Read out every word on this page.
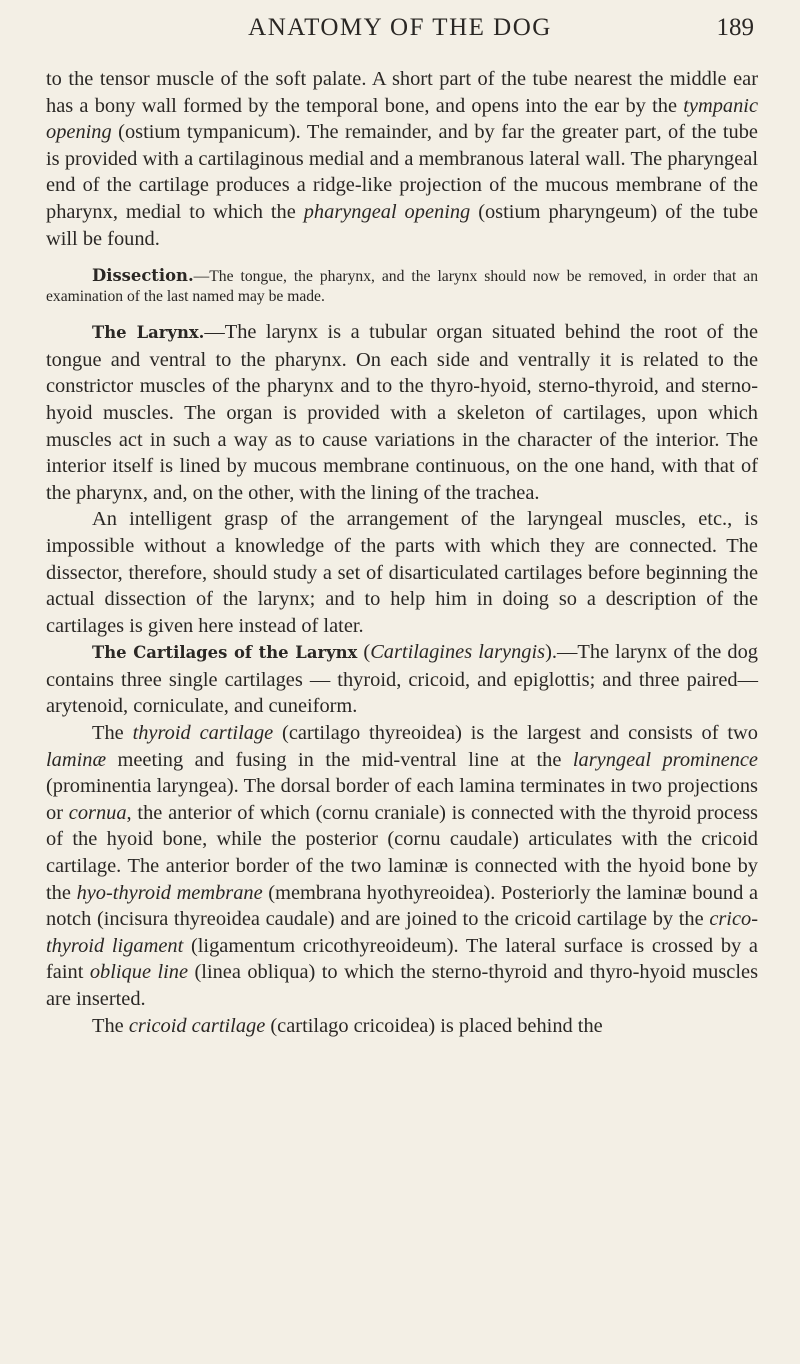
ANATOMY OF THE DOG	189

to the tensor muscle of the soft palate. A short part of the tube nearest the middle ear has a bony wall formed by the temporal bone, and opens into the ear by the tympanic opening (ostium tympanicum). The remainder, and by far the greater part, of the tube is provided with a cartilaginous medial and a membranous lateral wall. The pharyngeal end of the cartilage produces a ridge-like projection of the mucous membrane of the pharynx, medial to which the pharyngeal opening (ostium pharyngeum) of the tube will be found.

Dissection.—The tongue, the pharynx, and the larynx should now be removed, in order that an examination of the last named may be made.

The Larynx.—The larynx is a tubular organ situated behind the root of the tongue and ventral to the pharynx. On each side and ventrally it is related to the constrictor muscles of the pharynx and to the thyro-hyoid, sterno-thyroid, and sterno-hyoid muscles. The organ is provided with a skeleton of cartilages, upon which muscles act in such a way as to cause variations in the character of the interior. The interior itself is lined by mucous membrane continuous, on the one hand, with that of the pharynx, and, on the other, with the lining of the trachea.

An intelligent grasp of the arrangement of the laryngeal muscles, etc., is impossible without a knowledge of the parts with which they are connected. The dissector, therefore, should study a set of disarticulated cartilages before beginning the actual dissection of the larynx; and to help him in doing so a description of the cartilages is given here instead of later.

The Cartilages of the Larynx (Cartilagines laryngis).—The larynx of the dog contains three single cartilages — thyroid, cricoid, and epiglottis; and three paired—arytenoid, corniculate, and cuneiform.

The thyroid cartilage (cartilago thyreoidea) is the largest and consists of two laminæ meeting and fusing in the mid-ventral line at the laryngeal prominence (prominentia laryngea). The dorsal border of each lamina terminates in two projections or cornua, the anterior of which (cornu craniale) is connected with the thyroid process of the hyoid bone, while the posterior (cornu caudale) articulates with the cricoid cartilage. The anterior border of the two laminæ is connected with the hyoid bone by the hyo-thyroid membrane (membrana hyothyreoidea). Posteriorly the laminæ bound a notch (incisura thyreoidea caudale) and are joined to the cricoid cartilage by the crico-thyroid ligament (ligamentum cricothyreoideum). The lateral surface is crossed by a faint oblique line (linea obliqua) to which the sterno-thyroid and thyro-hyoid muscles are inserted.

The cricoid cartilage (cartilago cricoidea) is placed behind the
